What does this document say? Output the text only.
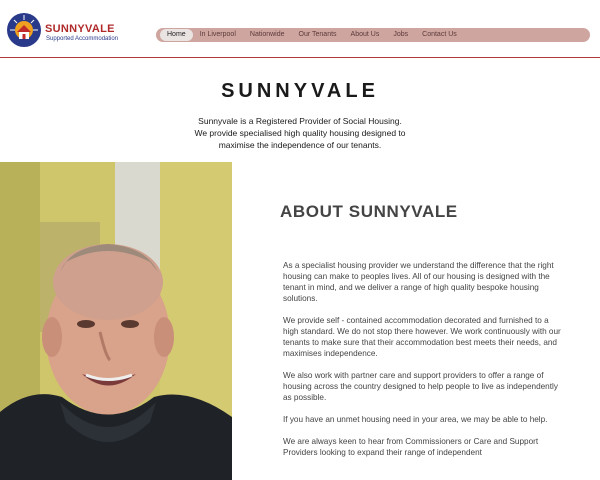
SUNNYVALE
Supported Accommodation
Home	In Liverpool	Nationwide	Our Tenants	About Us	Jobs	Contact Us
SUNNYVALE
Sunnyvale is a Registered Provider of Social Housing.
We provide specialised high quality housing designed to
maximise the independence of our tenants.
ABOUT SUNNYVALE

As a specialist housing provider we understand the difference that the right housing can make to peoples lives. All of our housing is designed with the tenant in mind, and we deliver a range of high quality bespoke housing solutions.

We provide self - contained accommodation decorated and furnished to a high standard. We do not stop there however. We work continuously with our tenants to make sure that their accommodation best meets their needs, and maximises independence.

We also work with partner care and support providers to offer a range of housing across the country designed to help people to live as independently as possible.

If you have an unmet housing need in your area, we may be able to help.

We are always keen to hear from Commissioners or Care and Support Providers looking to expand their range of independent
